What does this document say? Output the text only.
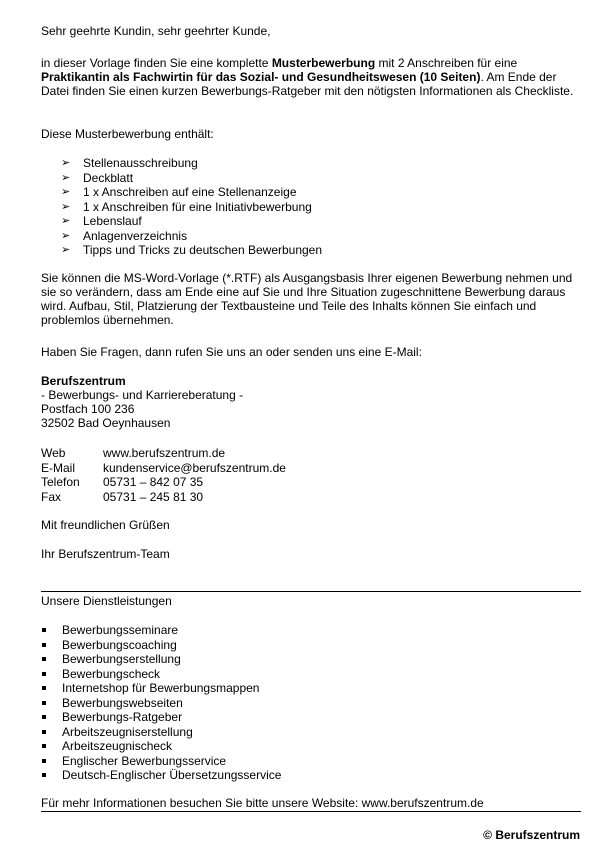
Sehr geehrte Kundin, sehr geehrter Kunde,
in dieser Vorlage finden Sie eine komplette Musterbewerbung mit 2 Anschreiben für eine Praktikantin als Fachwirtin für das Sozial- und Gesundheitswesen (10 Seiten). Am Ende der Datei finden Sie einen kurzen Bewerbungs-Ratgeber mit den nötigsten Informationen als Checkliste.
Diese Musterbewerbung enthält:
➢ Stellenausschreibung
➢ Deckblatt
➢ 1 x Anschreiben auf eine Stellenanzeige
➢ 1 x Anschreiben für eine Initiativbewerbung
➢ Lebenslauf
➢ Anlagenverzeichnis
➢ Tipps und Tricks zu deutschen Bewerbungen
Sie können die MS-Word-Vorlage (*.RTF) als Ausgangsbasis Ihrer eigenen Bewerbung nehmen und sie so verändern, dass am Ende eine auf Sie und Ihre Situation zugeschnittene Bewerbung daraus wird. Aufbau, Stil, Platzierung der Textbausteine und Teile des Inhalts können Sie einfach und problemlos übernehmen.
Haben Sie Fragen, dann rufen Sie uns an oder senden uns eine E-Mail:
Berufszentrum
- Bewerbungs- und Karriereberatung -
Postfach 100 236
32502 Bad Oeynhausen
Web	www.berufszentrum.de
E-Mail kundenservice@berufszentrum.de
Telefon 05731 – 842 07 35
Fax	05731 – 245 81 30
Mit freundlichen Grüßen
Ihr Berufszentrum-Team
Unsere Dienstleistungen
Bewerbungsseminare
Bewerbungscoaching
Bewerbungserstellung
Bewerbungscheck
Internetshop für Bewerbungsmappen
Bewerbungswebseiten
Bewerbungs-Ratgeber
Arbeitszeugniserstellung
Arbeitszeugnischeck
Englischer Bewerbungsservice
Deutsch-Englischer Übersetzungsservice
Für mehr Informationen besuchen Sie bitte unsere Website: www.berufszentrum.de
© Berufszentrum
